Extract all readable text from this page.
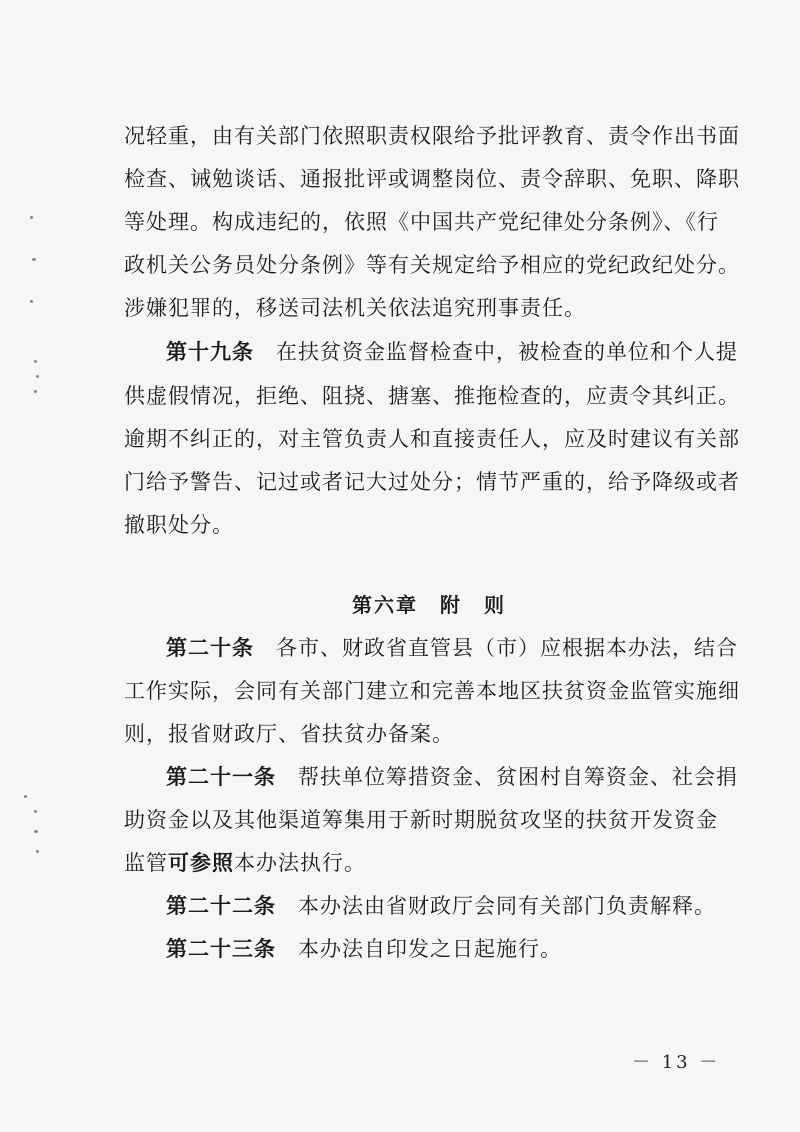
况轻重，由有关部门依照职责权限给予批评教育、责令作出书面
检查、诫勉谈话、通报批评或调整岗位、责令辞职、免职、降职
等处理。构成违纪的，依照《中国共产党纪律处分条例》、《行
政机关公务员处分条例》等有关规定给予相应的党纪政纪处分。
涉嫌犯罪的，移送司法机关依法追究刑事责任。
第十九条　 在扶贫资金监督检查中，被检查的单位和个人提
供虚假情况，拒绝、阻挠、搪塞、推拖检查的，应责令其纠正。
逾期不纠正的，对主管负责人和直接责任人，应及时建议有关部
门给予警告、记过或者记大过处分；情节严重的，给予降级或者
撤职处分。
第六章　附　则
第二十条　 各市、财政省直管县（市）应根据本办法，结合
工作实际，会同有关部门建立和完善本地区扶贫资金监管实施细
则，报省财政厅、省扶贫办备案。
第二十一条　 帮扶单位筹措资金、贫困村自筹资金、社会捐
助资金以及其他渠道筹集用于新时期脱贫攻坚的扶贫开发资金
监管可参照本办法执行。
第二十二条　 本办法由省财政厅会同有关部门负责解释。
第二十三条　 本办法自印发之日起施行。
－ 13 －
